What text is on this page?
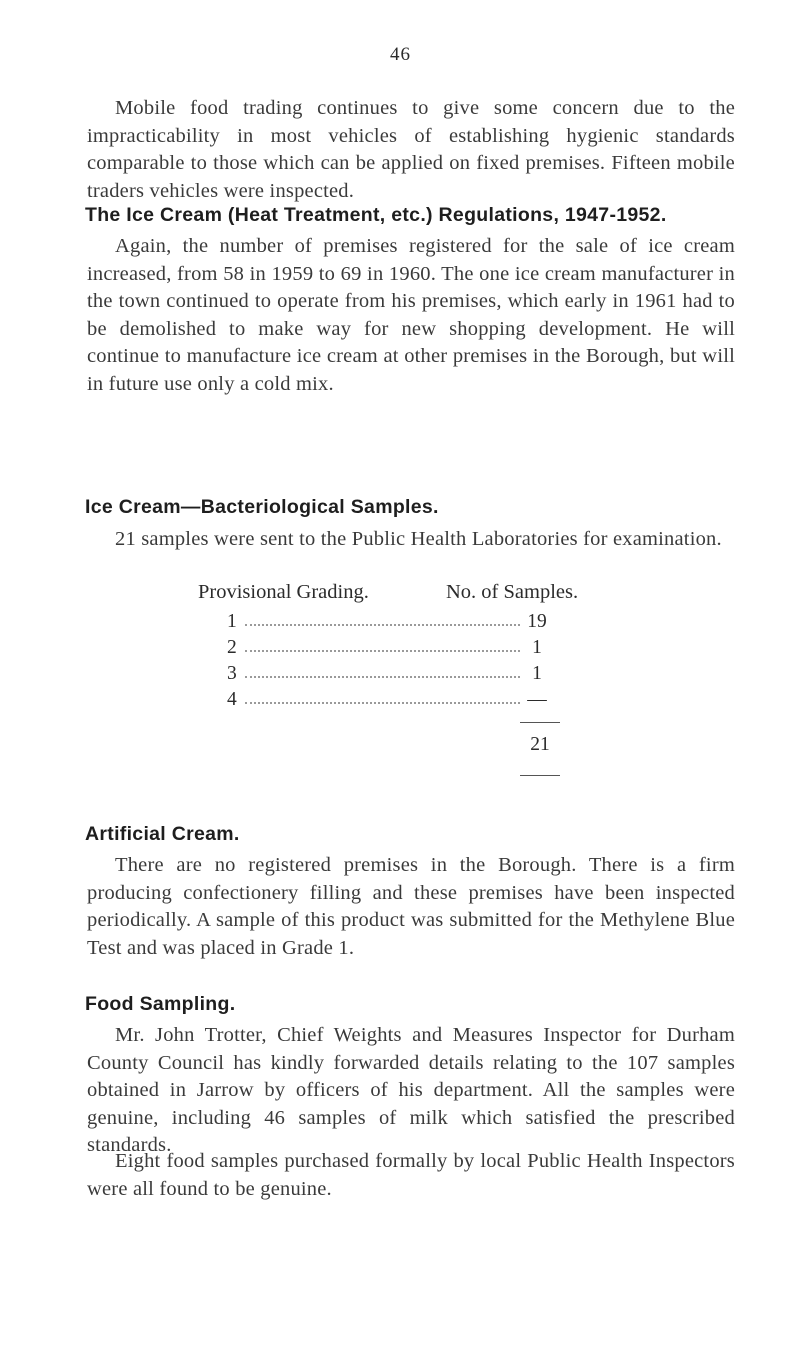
46

Mobile food trading continues to give some concern due to the impracticability in most vehicles of establishing hygienic standards comparable to those which can be applied on fixed premises. Fifteen mobile traders vehicles were inspected.

The Ice Cream (Heat Treatment, etc.) Regulations, 1947-1952.

Again, the number of premises registered for the sale of ice cream increased, from 58 in 1959 to 69 in 1960. The one ice cream manufacturer in the town continued to operate from his premises, which early in 1961 had to be demolished to make way for new shopping development. He will continue to manufacture ice cream at other premises in the Borough, but will in future use only a cold mix.

Ice Cream—Bacteriological Samples.

21 samples were sent to the Public Health Laboratories for examination.

Provisional Grading.	No. of Samples.
1	19
2	1
3	1
4	—
21
Artificial Cream.

There are no registered premises in the Borough. There is a firm producing confectionery filling and these premises have been inspected periodically. A sample of this product was submitted for the Methylene Blue Test and was placed in Grade 1.

Food Sampling.

Mr. John Trotter, Chief Weights and Measures Inspector for Durham County Council has kindly forwarded details relating to the 107 samples obtained in Jarrow by officers of his department. All the samples were genuine, including 46 samples of milk which satisfied the prescribed standards.

Eight food samples purchased formally by local Public Health Inspectors were all found to be genuine.
